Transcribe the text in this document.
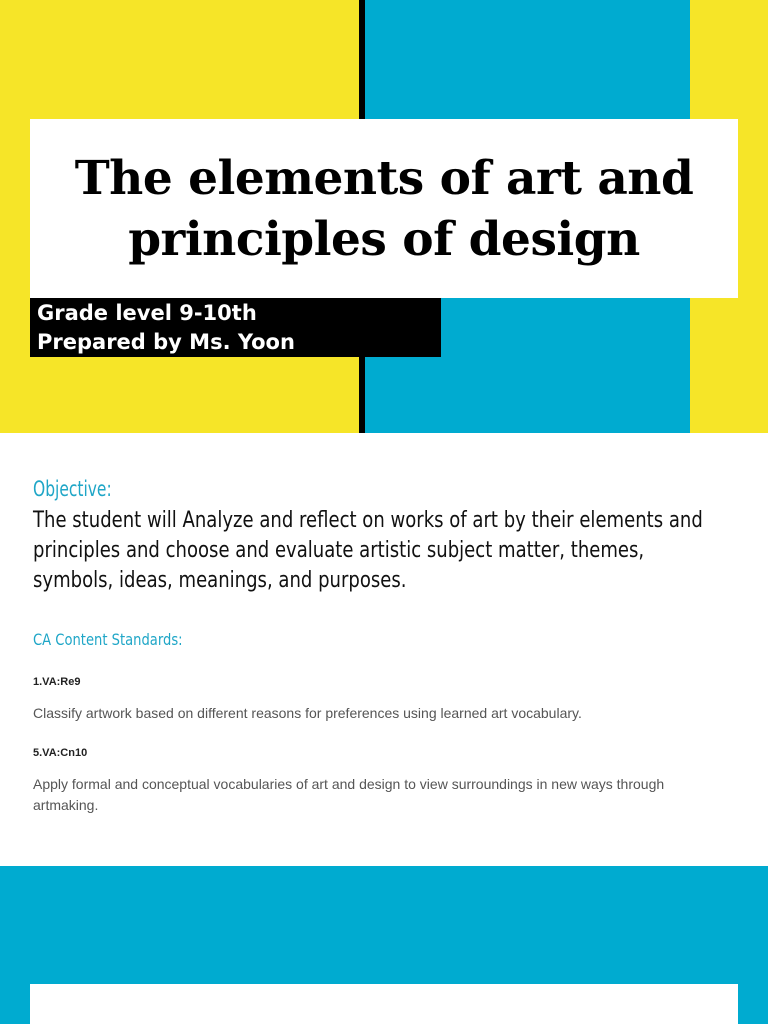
The elements of art and
principles of design
Grade level 9-10th
Prepared by Ms. Yoon
Objective:
The student will Analyze and reflect on works of art by their elements and principles and choose and evaluate artistic subject matter, themes, symbols, ideas, meanings, and purposes.
CA Content Standards:
1.VA:Re9
Classify artwork based on different reasons for preferences using learned art vocabulary.
5.VA:Cn10
Apply formal and conceptual vocabularies of art and design to view surroundings in new ways through artmaking.
